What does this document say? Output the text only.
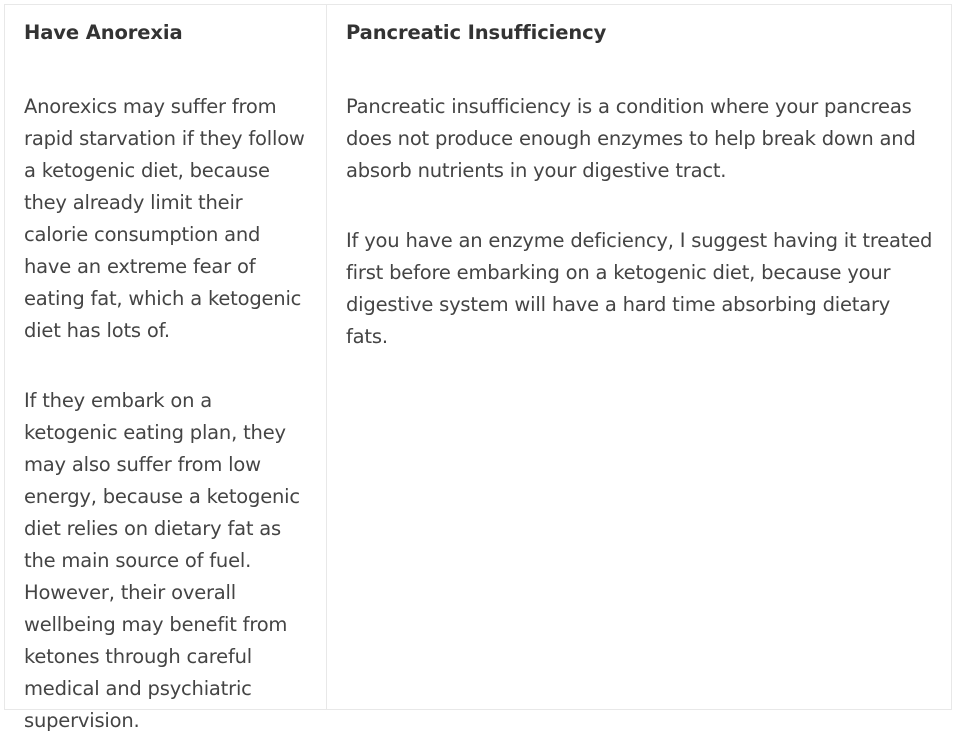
Have Anorexia

Anorexics may suffer from rapid starvation if they follow a ketogenic diet, because they already limit their calorie consumption and have an extreme fear of eating fat, which a ketogenic diet has lots of.

If they embark on a ketogenic eating plan, they may also suffer from low energy, because a ketogenic diet relies on dietary fat as the main source of fuel. However, their overall wellbeing may benefit from ketones through careful medical and psychiatric supervision.

Pancreatic Insufficiency

Pancreatic insufficiency is a condition where your pancreas does not produce enough enzymes to help break down and absorb nutrients in your digestive tract.

If you have an enzyme deficiency, I suggest having it treated first before embarking on a ketogenic diet, because your digestive system will have a hard time absorbing dietary fats.
